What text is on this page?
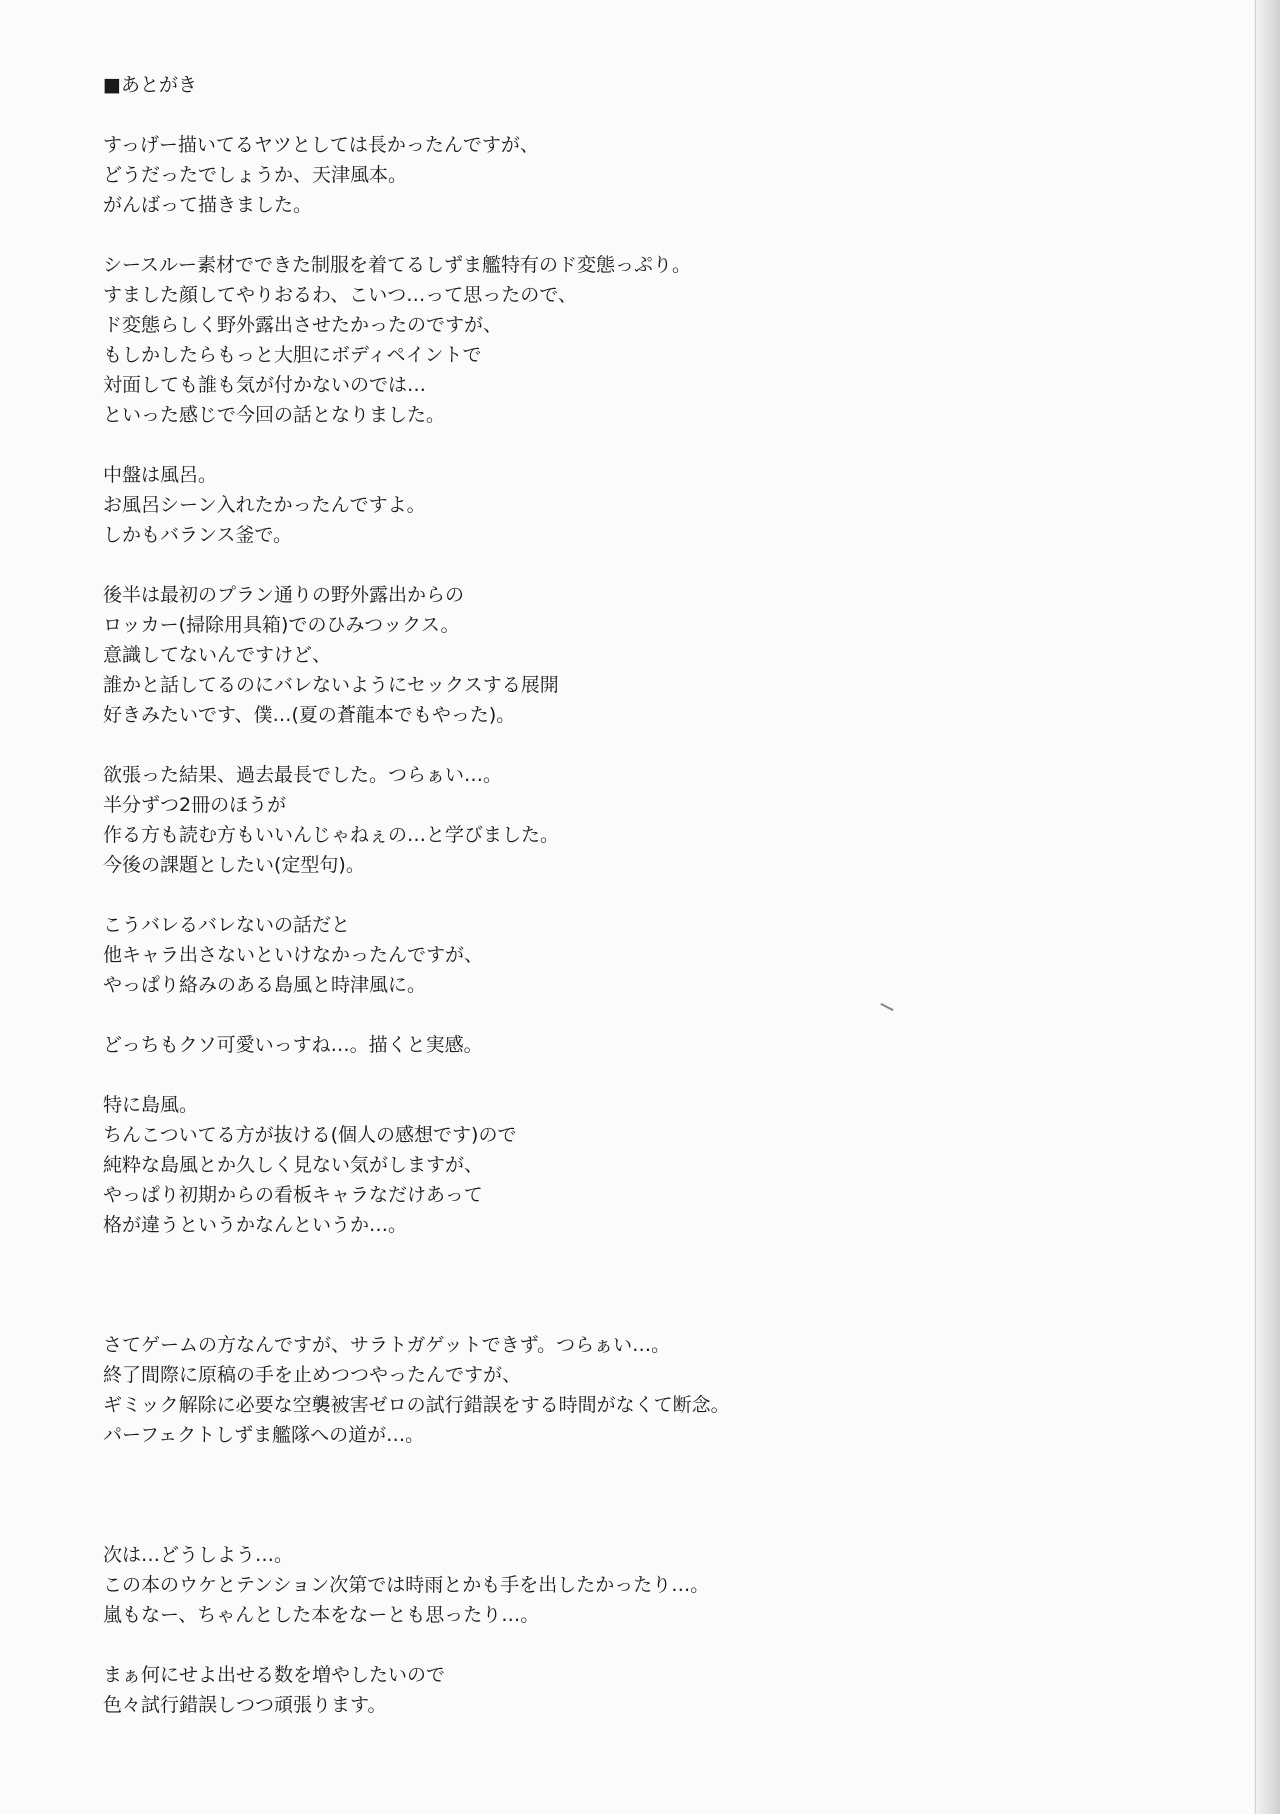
■あとがき
すっげー描いてるヤツとしては長かったんですが、
どうだったでしょうか、天津風本。
がんばって描きました。
シースルー素材でできた制服を着てるしずま艦特有のド変態っぷり。
すました顔してやりおるわ、こいつ…って思ったので、
ド変態らしく野外露出させたかったのですが、
もしかしたらもっと大胆にボディペイントで
対面しても誰も気が付かないのでは…
といった感じで今回の話となりました。
中盤は風呂。
お風呂シーン入れたかったんですよ。
しかもバランス釜で。
後半は最初のプラン通りの野外露出からの
ロッカー(掃除用具箱)でのひみつックス。
意識してないんですけど、
誰かと話してるのにバレないようにセックスする展開
好きみたいです、僕…(夏の蒼龍本でもやった)。
欲張った結果、過去最長でした。つらぁい…。
半分ずつ2冊のほうが
作る方も読む方もいいんじゃねぇの…と学びました。
今後の課題としたい(定型句)。
こうバレるバレないの話だと
他キャラ出さないといけなかったんですが、
やっぱり絡みのある島風と時津風に。
どっちもクソ可愛いっすね…。描くと実感。
特に島風。
ちんこついてる方が抜ける(個人の感想です)ので
純粋な島風とか久しく見ない気がしますが、
やっぱり初期からの看板キャラなだけあって
格が違うというかなんというか…。
さてゲームの方なんですが、サラトガゲットできず。つらぁい…。
終了間際に原稿の手を止めつつやったんですが、
ギミック解除に必要な空襲被害ゼロの試行錯誤をする時間がなくて断念。
パーフェクトしずま艦隊への道が…。
次は…どうしよう…。
この本のウケとテンション次第では時雨とかも手を出したかったり…。
嵐もなー、ちゃんとした本をなーとも思ったり…。
まぁ何にせよ出せる数を増やしたいので
色々試行錯誤しつつ頑張ります。
